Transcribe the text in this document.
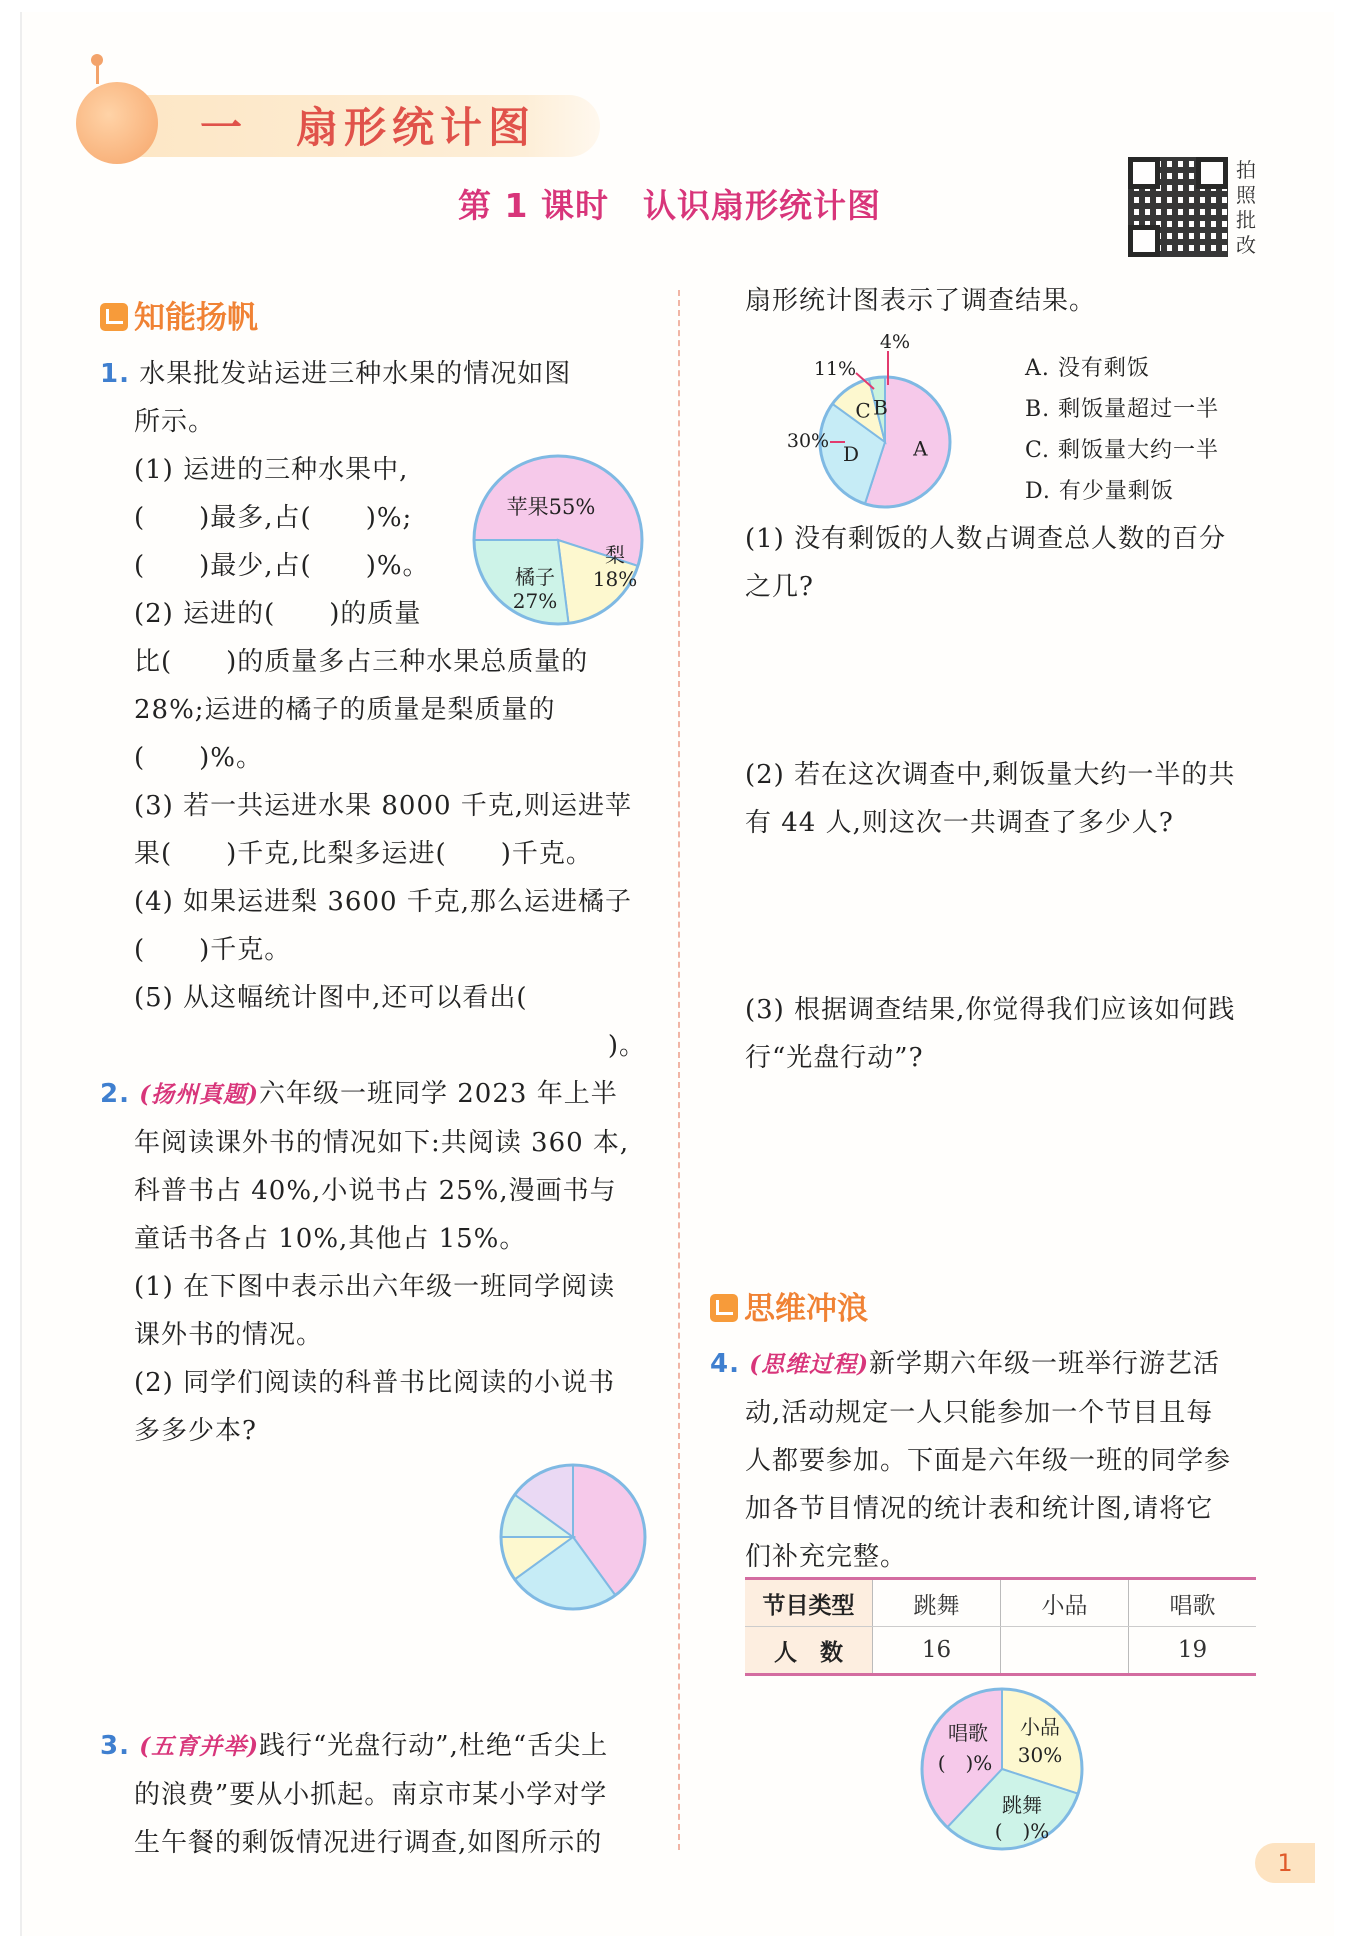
一　扇形统计图
第 1 课时　认识扇形统计图
拍
照
批
改
知能扬帆
1. 水果批发站运进三种水果的情况如图
所示。
(1) 运进的三种水果中,
(　　)最多,占(　　)%;
(　　)最少,占(　　)%。
(2) 运进的(　　)的质量
比(　　)的质量多占三种水果总质量的
28%;运进的橘子的质量是梨质量的
(　　)%。
(3) 若一共运进水果 8000 千克,则运进苹
果(　　)千克,比梨多运进(　　)千克。
(4) 如果运进梨 3600 千克,那么运进橘子
(　　)千克。
(5) 从这幅统计图中,还可以看出(
)。
苹果55%
梨
18%
橘子
27%
2. (扬州真题)六年级一班同学 2023 年上半
年阅读课外书的情况如下:共阅读 360 本,
科普书占 40%,小说书占 25%,漫画书与
童话书各占 10%,其他占 15%。
(1) 在下图中表示出六年级一班同学阅读
课外书的情况。
(2) 同学们阅读的科普书比阅读的小说书
多多少本?
3. (五育并举)践行“光盘行动”,杜绝“舌尖上
的浪费”要从小抓起。南京市某小学对学
生午餐的剩饭情况进行调查,如图所示的
扇形统计图表示了调查结果。
A
B
C
D
4%
11%
30%
A. 没有剩饭
B. 剩饭量超过一半
C. 剩饭量大约一半
D. 有少量剩饭
(1) 没有剩饭的人数占调查总人数的百分
之几?
(2) 若在这次调查中,剩饭量大约一半的共
有 44 人,则这次一共调查了多少人?
(3) 根据调查结果,你觉得我们应该如何践
行“光盘行动”?
思维冲浪
4. (思维过程)新学期六年级一班举行游艺活
动,活动规定一人只能参加一个节目且每
人都要参加。下面是六年级一班的同学参
加各节目情况的统计表和统计图,请将它
们补充完整。
节目类型	跳舞	小品	唱歌
人　数	16		19
小品
30%
跳舞
(　)%
唱歌
(　)%
1
